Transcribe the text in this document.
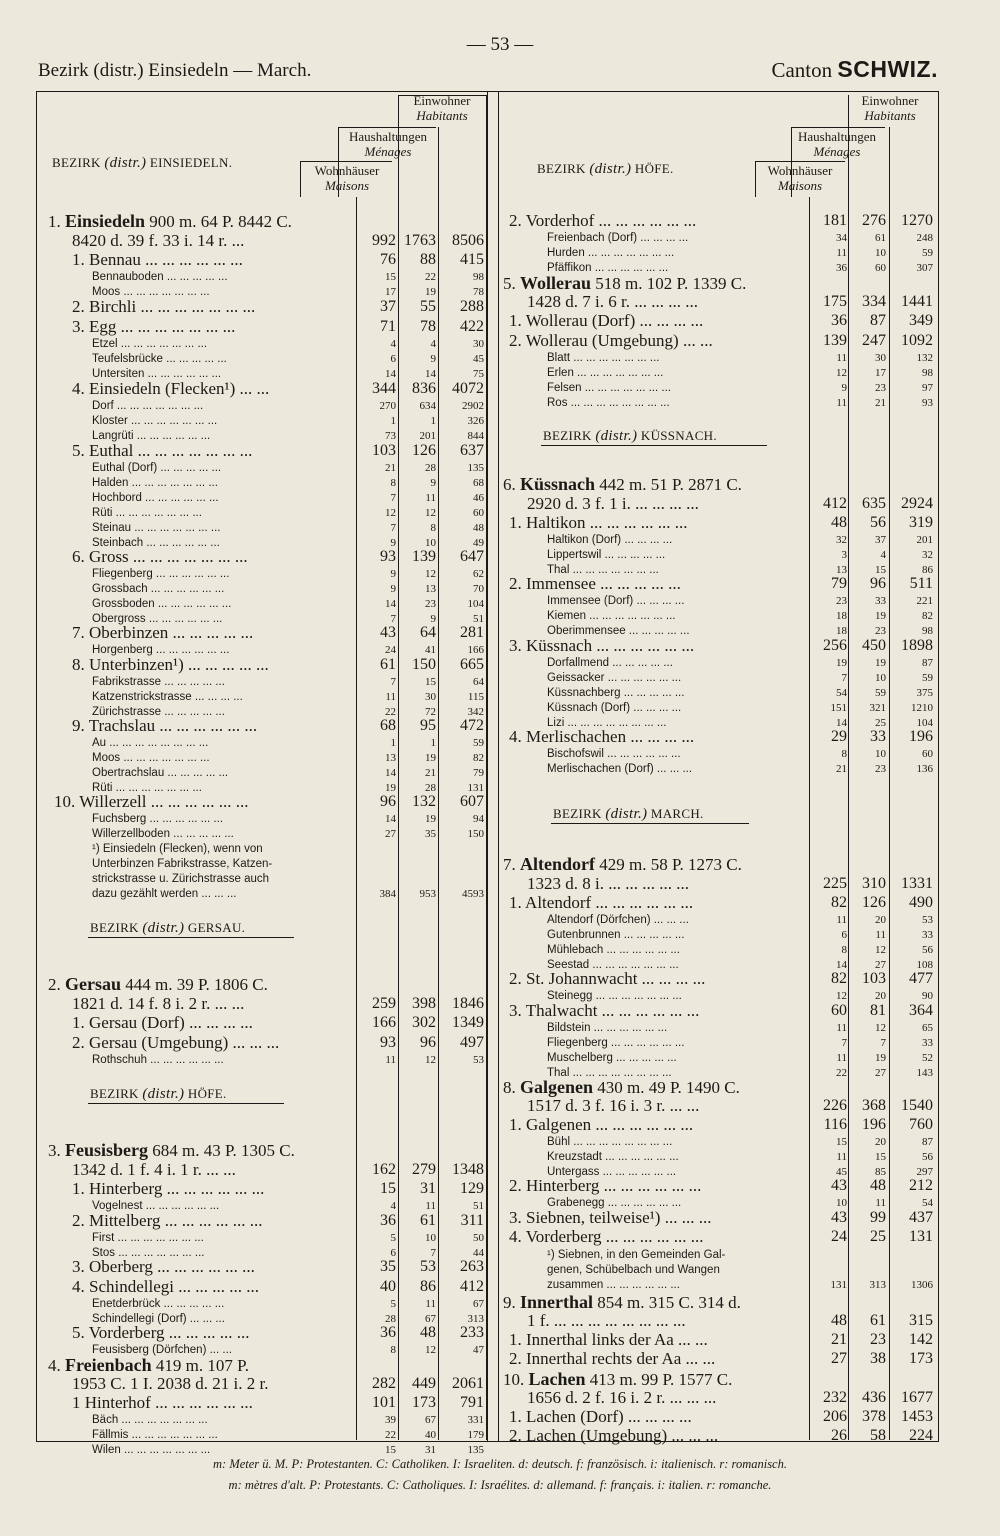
Bezirk (distr.) Einsiedeln — March.
— 53 —
Canton SCHWIZ.
Einwohner
Habitants
Haushaltungen
Ménages
Wohnhäuser
Maisons
BEZIRK (distr.) EINSIEDELN.
BEZIRK (distr.) GERSAU.
BEZIRK (distr.) HÖFE.
1. Einsiedeln 900 m. 64 P. 8442 C.
8420 d. 39 f. 33 i. 14 r. ...	992 1763	8506
1. Bennau ... ... ... ... ... ...	76	88	415
Bennauboden ... ... ... ... ...	15	22	98
Moos ... ... ... ... ... ... ...	17	19	78
2. Birchli ... ... ... ... ... ... ...	37	55	288
3. Egg ... ... ... ... ... ... ...	71	78	422
Etzel ... ... ... ... ... ... ...	4	4	30
Teufelsbrücke ... ... ... ... ...	6	9	45
Untersiten ... ... ... ... ... ...	14	14	75
4. Einsiedeln (Flecken¹) ... ...	344	836	4072
Dorf ... ... ... ... ... ... ...	270	634	2902
Kloster ... ... ... ... ... ... ...	1	1	326
Langrüti ... ... ... ... ... ...	73	201	844
5. Euthal ... ... ... ... ... ... ...	103	126	637
Euthal (Dorf) ... ... ... ... ...	21	28	135
Halden ... ... ... ... ... ... ...	8	9	68
Hochbord ... ... ... ... ... ...	7	11	46
Rüti ... ... ... ... ... ... ...	12	12	60
Steinau ... ... ... ... ... ... ...	7	8	48
Steinbach ... ... ... ... ... ...	9	10	49
6. Gross ... ... ... ... ... ... ...	93	139	647
Fliegenberg ... ... ... ... ... ...	9	12	62
Grossbach ... ... ... ... ... ...	9	13	70
Grossboden ... ... ... ... ... ...	14	23	104
Obergross ... ... ... ... ... ...	7	9	51
7. Oberbinzen ... ... ... ... ...	43	64	281
Horgenberg ... ... ... ... ... ...	24	41	166
8. Unterbinzen¹) ... ... ... ... ...	61	150	665
Fabrikstrasse ... ... ... ... ...	7	15	64
Katzenstrickstrasse ... ... ... ...	11	30	115
Zürichstrasse ... ... ... ... ...	22	72	342
9. Trachslau ... ... ... ... ... ...	68	95	472
Au ... ... ... ... ... ... ... ...	1	1	59
Moos ... ... ... ... ... ... ...	13	19	82
Obertrachslau ... ... ... ... ...	14	21	79
Rüti ... ... ... ... ... ... ...	19	28	131
10. Willerzell ... ... ... ... ... ...	96	132	607
Fuchsberg ... ... ... ... ... ...	14	19	94
Willerzellboden ... ... ... ... ...	27	35	150
¹) Einsiedeln (Flecken), wenn von
Unterbinzen Fabrikstrasse, Katzen-
strickstrasse u. Zürichstrasse auch
dazu gezählt werden ... ... ...	384	953	4593
2. Gersau 444 m. 39 P. 1806 C.
1821 d. 14 f. 8 i. 2 r. ... ...	259	398	1846
1. Gersau (Dorf) ... ... ... ...	166	302	1349
2. Gersau (Umgebung) ... ... ...	93	96	497
Rothschuh ... ... ... ... ... ...	11	12	53
3. Feusisberg 684 m. 43 P. 1305 C.
1342 d. 1 f. 4 i. 1 r. ... ...	162	279	1348
1. Hinterberg ... ... ... ... ... ...	15	31	129
Vogelnest ... ... ... ... ... ...	4	11	51
2. Mittelberg ... ... ... ... ... ...	36	61	311
First ... ... ... ... ... ... ...	5	10	50
Stos ... ... ... ... ... ... ...	6	7	44
3. Oberberg ... ... ... ... ... ...	35	53	263
4. Schindellegi ... ... ... ... ...	40	86	412
Enetderbrück ... ... ... ... ...	5	11	67
Schindellegi (Dorf) ... ... ...	28	67	313
5. Vorderberg ... ... ... ... ...	36	48	233
Feusisberg (Dörfchen) ... ...	8	12	47
4. Freienbach 419 m. 107 P.
1953 C. 1 I. 2038 d. 21 i. 2 r.	282	449	2061
1 Hinterhof ... ... ... ... ... ...	101	173	791
Bäch ... ... ... ... ... ... ...	39	67	331
Fällmis ... ... ... ... ... ... ...	22	40	179
Wilen ... ... ... ... ... ... ...	15	31	135
Einwohner
Habitants
Haushaltungen
Ménages
Wohnhäuser
Maisons
BEZIRK (distr.) HÖFE.
BEZIRK (distr.) KÜSSNACH.
BEZIRK (distr.) MARCH.
2. Vorderhof ... ... ... ... ... ...	181 276 1270
Freienbach (Dorf) ... ... ... ...	34	61	248
Hurden ... ... ... ... ... ... ...	11	10	59
Pfäffikon ... ... ... ... ... ...	36	60	307
5. Wollerau 518 m. 102 P. 1339 C.
1428 d. 7 i. 6 r. ... ... ... ...	175 334 1441
1. Wollerau (Dorf) ... ... ... ...	36	87	349
2. Wollerau (Umgebung) ... ...	139 247 1092
Blatt ... ... ... ... ... ... ...	11	30	132
Erlen ... ... ... ... ... ... ...	12	17	98
Felsen ... ... ... ... ... ... ...	9	23	97
Ros ... ... ... ... ... ... ... ...	11	21	93
6. Küssnach 442 m. 51 P. 2871 C.
2920 d. 3 f. 1 i. ... ... ... ...	412 635 2924
1. Haltikon ... ... ... ... ... ...	48	56	319
Haltikon (Dorf) ... ... ... ...	32	37	201
Lippertswil ... ... ... ... ...	3	4	32
Thal ... ... ... ... ... ... ...	13	15	86
2. Immensee ... ... ... ... ...	79	96	511
Immensee (Dorf) ... ... ... ...	23	33	221
Kiemen ... ... ... ... ... ... ...	18	19	82
Oberimmensee ... ... ... ... ...	18	23	98
3. Küssnach ... ... ... ... ... ...	256 450 1898
Dorfallmend ... ... ... ... ...	19	19	87
Geissacker ... ... ... ... ... ...	7	10	59
Küssnachberg ... ... ... ... ...	54	59	375
Küssnach (Dorf) ... ... ... ...	151	321	1210
Lizi ... ... ... ... ... ... ... ...	14	25	104
4. Merlischachen ... ... ... ...	29	33	196
Bischofswil ... ... ... ... ... ...	8	10	60
Merlischachen (Dorf) ... ... ...	21	23	136
7. Altendorf 429 m. 58 P. 1273 C.
1323 d. 8 i. ... ... ... ... ...	225 310 1331
1. Altendorf ... ... ... ... ... ...	82 126	490
Altendorf (Dörfchen) ... ... ...	11	20	53
Gutenbrunnen ... ... ... ... ...	6	11	33
Mühlebach ... ... ... ... ... ...	8	12	56
Seestad ... ... ... ... ... ... ...	14	27	108
2. St. Johannwacht ... ... ... ...	82 103	477
Steinegg ... ... ... ... ... ... ...	12	20	90
3. Thalwacht ... ... ... ... ... ...	60	81	364
Bildstein ... ... ... ... ... ...	11	12	65
Fliegenberg ... ... ... ... ... ...	7	7	33
Muschelberg ... ... ... ... ...	11	19	52
Thal ... ... ... ... ... ... ... ...	22	27	143
8. Galgenen 430 m. 49 P. 1490 C.
1517 d. 3 f. 16 i. 3 r. ... ...	226 368 1540
1. Galgenen ... ... ... ... ... ...	116 196	760
Bühl ... ... ... ... ... ... ... ...	15	20	87
Kreuzstadt ... ... ... ... ... ...	11	15	56
Untergass ... ... ... ... ... ...	45	85	297
2. Hinterberg ... ... ... ... ... ...	43	48	212
Grabenegg ... ... ... ... ... ...	10	11	54
3. Siebnen, teilweise¹) ... ... ...	43	99	437
4. Vorderberg ... ... ... ... ... ...	24	25	131
¹) Siebnen, in den Gemeinden Gal-
genen, Schübelbach und Wangen
zusammen ... ... ... ... ... ...	131	313	1306
9. Innerthal 854 m. 315 C. 314 d.
1 f. ... ... ... ... ... ... ... ...	48	61	315
1. Innerthal links der Aa ... ...	21	23	142
2. Innerthal rechts der Aa ... ...	27	38	173
10. Lachen 413 m. 99 P. 1577 C.
1656 d. 2 f. 16 i. 2 r. ... ... ...	232 436 1677
1. Lachen (Dorf) ... ... ... ...	206 378 1453
2. Lachen (Umgebung) ... ... ...	26	58	224
m: Meter ü. M. P: Protestanten. C: Catholiken. I: Israeliten. d: deutsch. f: französisch. i: italienisch. r: romanisch.
m: mètres d'alt. P: Protestants. C: Catholiques. I: Israélites. d: allemand. f: français. i: italien. r: romanche.
